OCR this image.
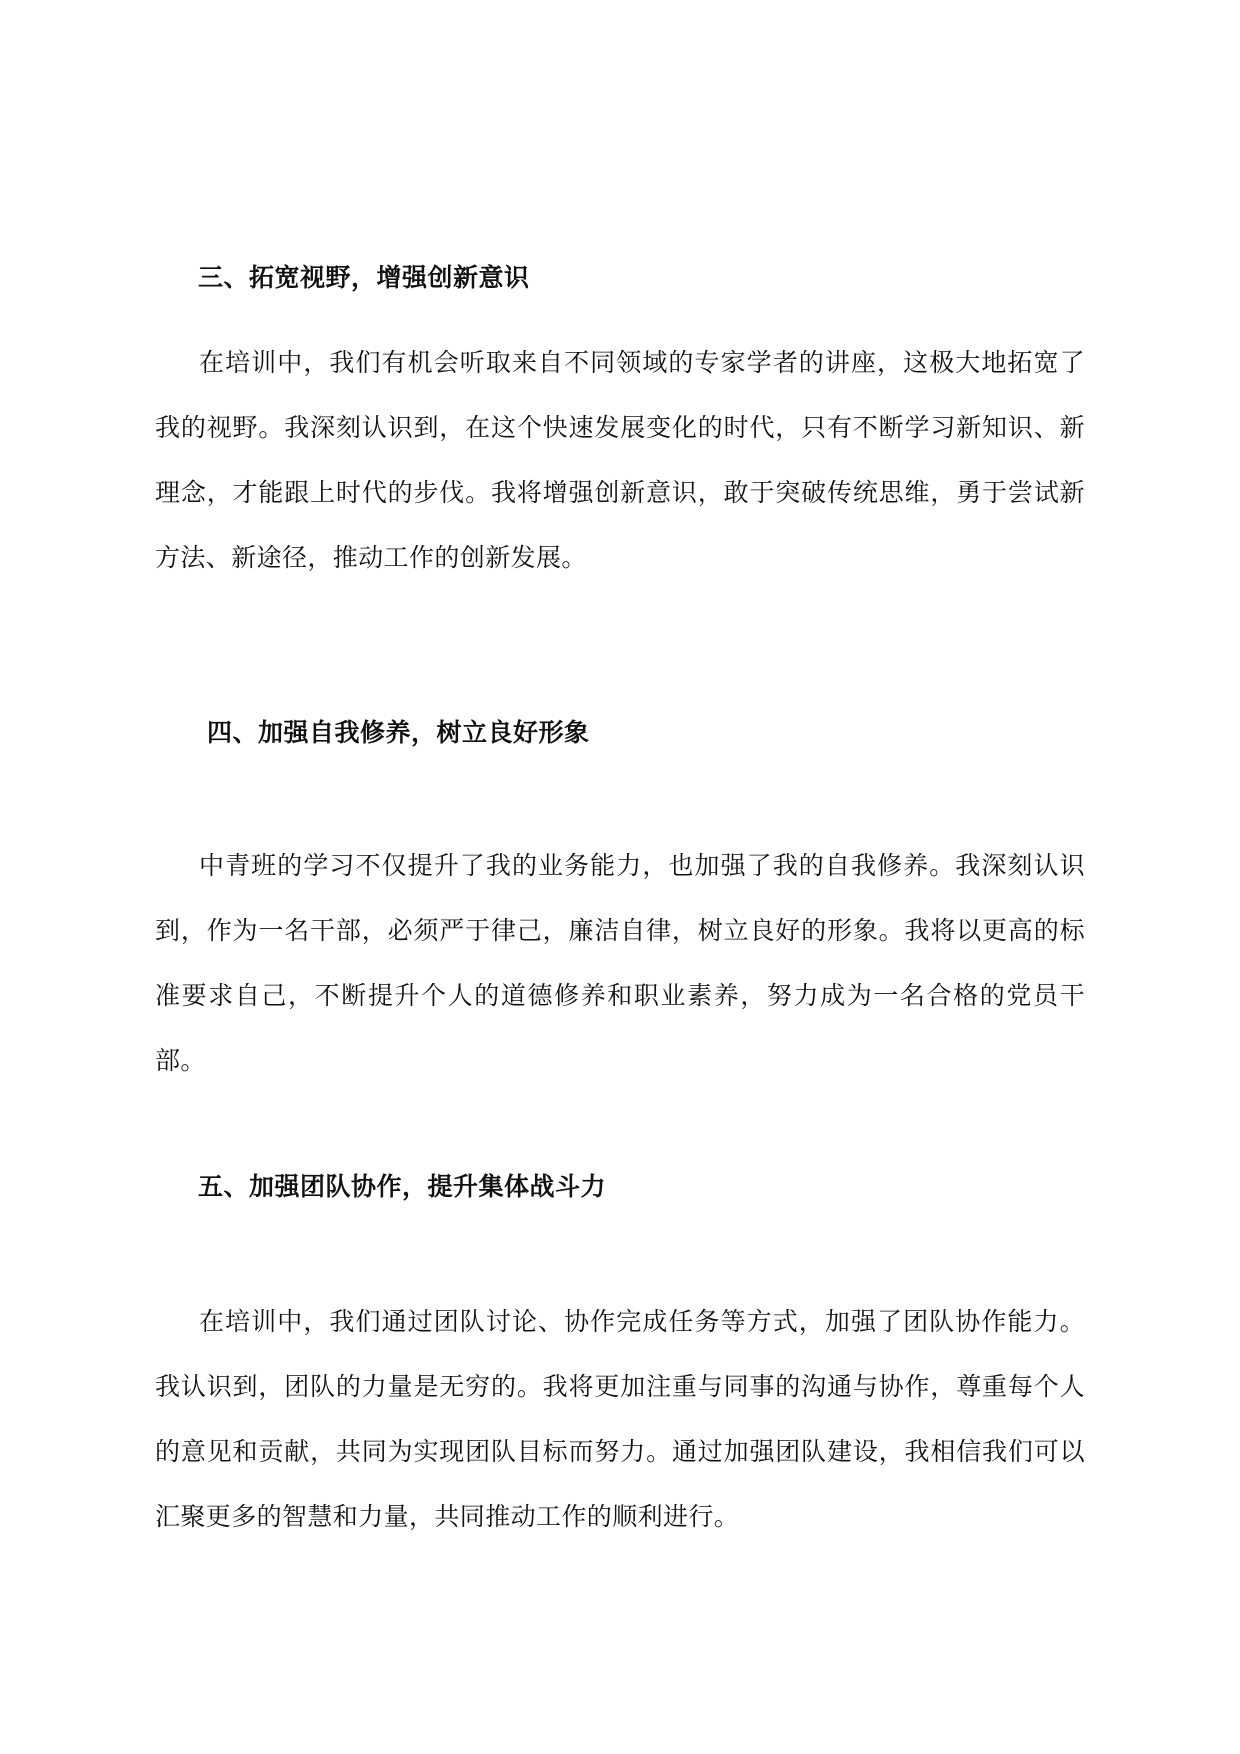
三、拓宽视野，增强创新意识

在培训中，我们有机会听取来自不同领域的专家学者的讲座，这极大地拓宽了我的视野。我深刻认识到，在这个快速发展变化的时代，只有不断学习新知识、新理念，才能跟上时代的步伐。我将增强创新意识，敢于突破传统思维，勇于尝试新方法、新途径，推动工作的创新发展。

四、加强自我修养，树立良好形象

中青班的学习不仅提升了我的业务能力，也加强了我的自我修养。我深刻认识到，作为一名干部，必须严于律己，廉洁自律，树立良好的形象。我将以更高的标准要求自己，不断提升个人的道德修养和职业素养，努力成为一名合格的党员干部。

五、加强团队协作，提升集体战斗力

在培训中，我们通过团队讨论、协作完成任务等方式，加强了团队协作能力。我认识到，团队的力量是无穷的。我将更加注重与同事的沟通与协作，尊重每个人的意见和贡献，共同为实现团队目标而努力。通过加强团队建设，我相信我们可以汇聚更多的智慧和力量，共同推动工作的顺利进行。
